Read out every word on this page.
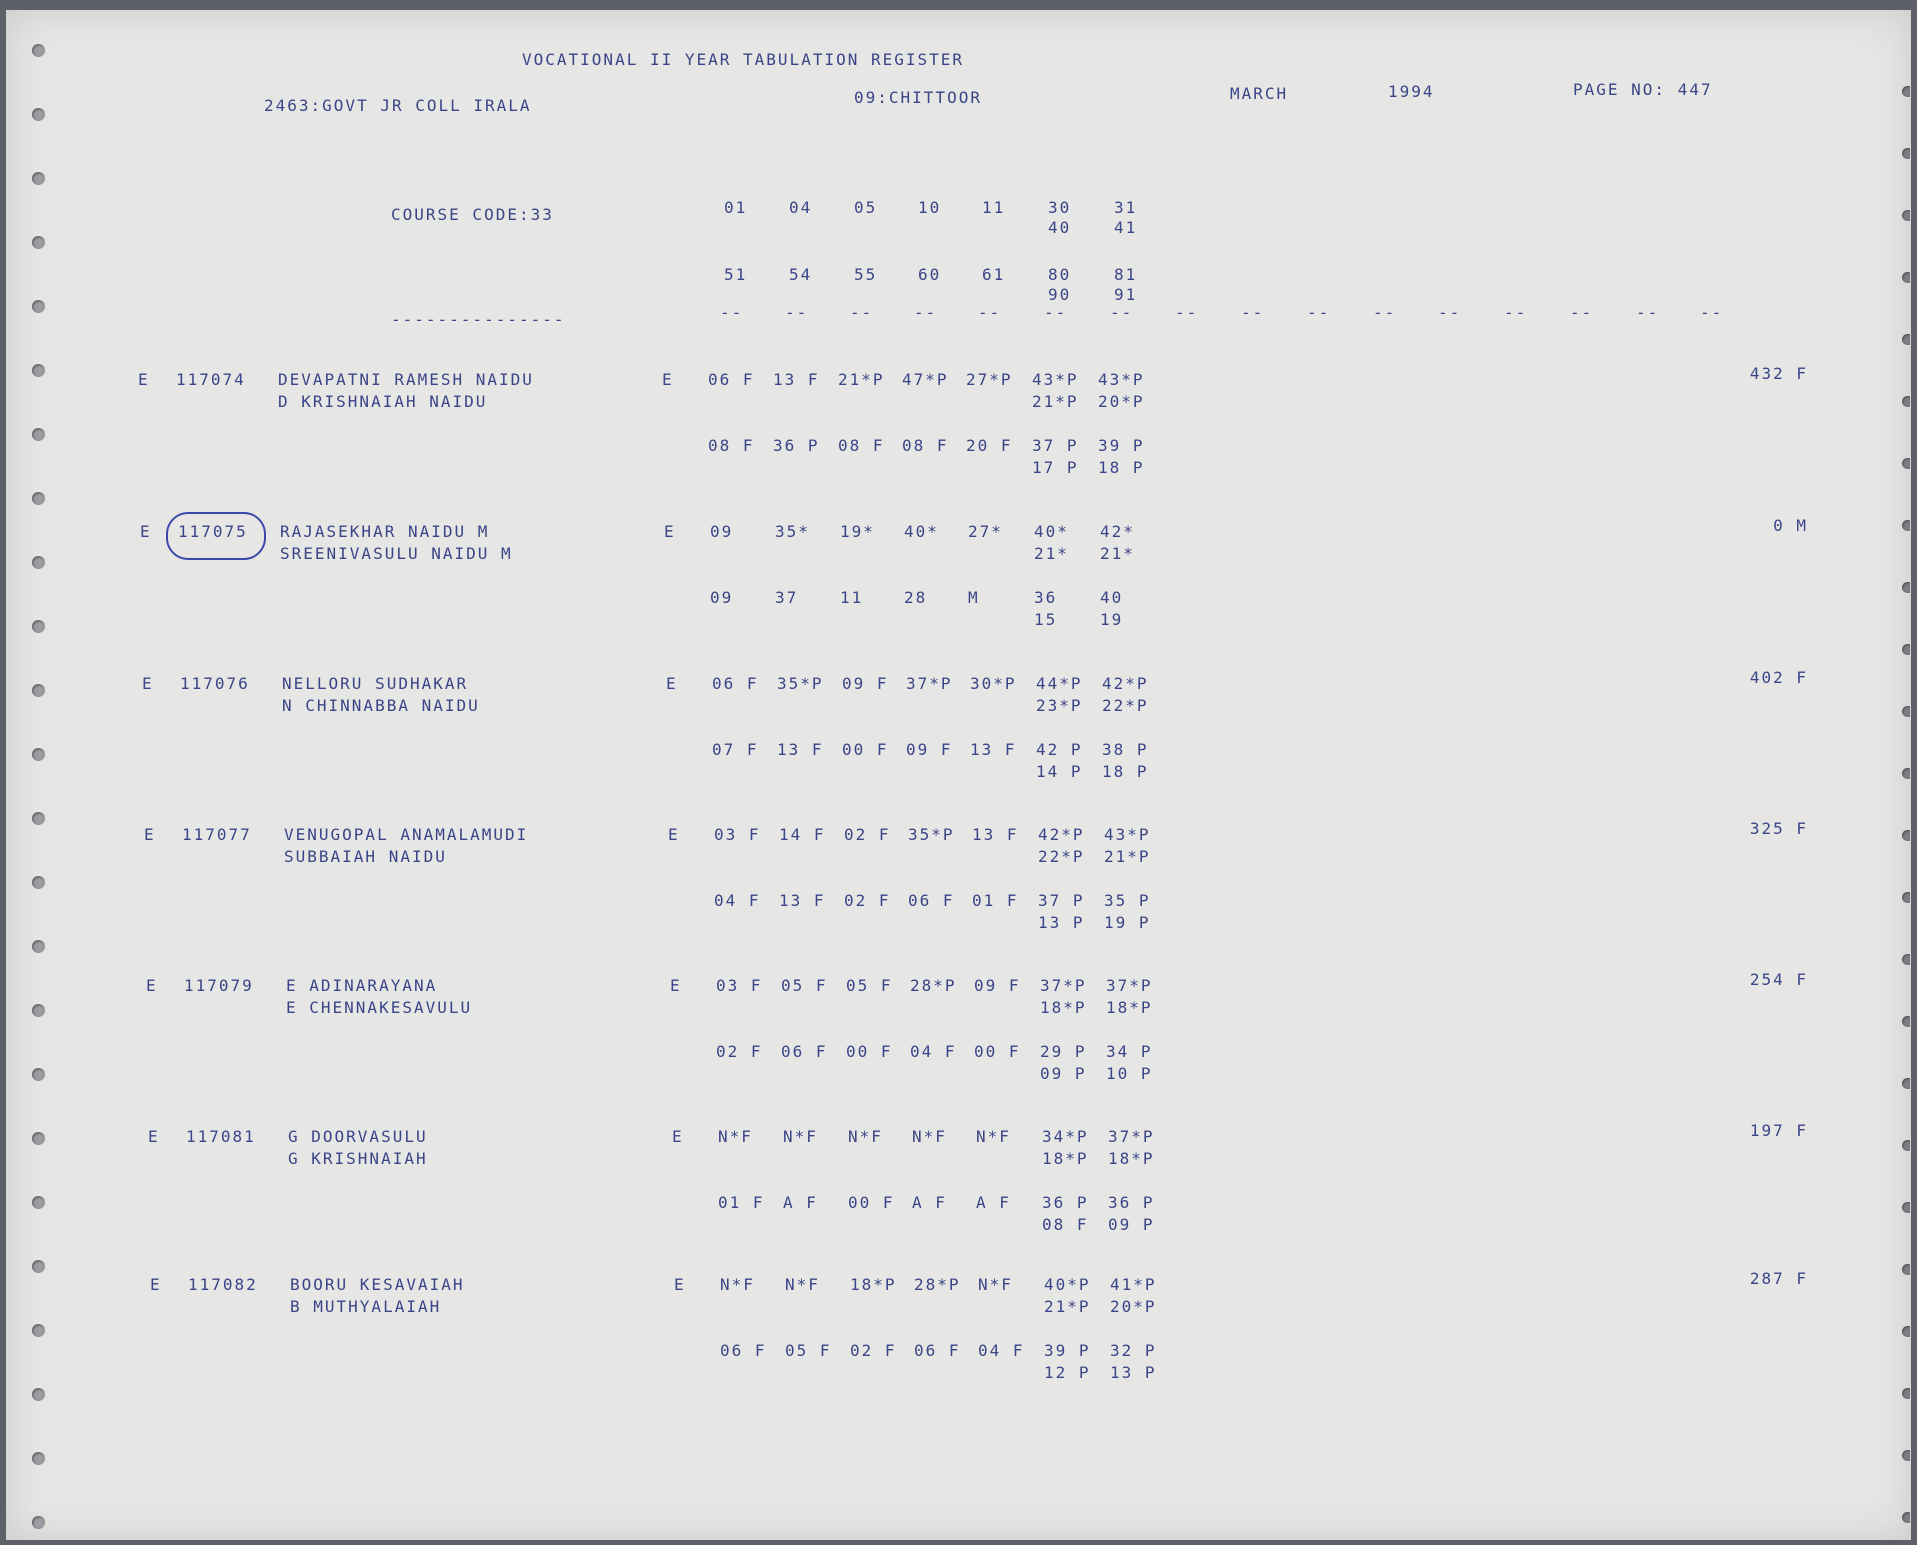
VOCATIONAL II YEAR TABULATION REGISTER
2463:GOVT JR COLL IRALA	09:CHITTOOR	MARCH	1994	PAGE NO: 447
COURSE CODE:33	01	04	05	10	11	30	31
40	41
51	54	55	60	61	80	81
90	91
---------------	--	--	--	--	--	--	--	--	--	--	--	--	--	--	--	--
E 117074 DEVAPATNI RAMESH NAIDU
D KRISHNAIAH NAIDU
E 06 F 13 F 21*P 47*P 27*P 43*P 43*P
21*P 20*P
08 F 36 P 08 F 08 F 20 F 37 P 39 P
17 P 18 P
432 F
E 117075 RAJASEKHAR NAIDU M
SREENIVASULU NAIDU M
E 09	35* 19* 40* 27* 40* 42*
21* 21*
09	37	11	28	M	36	40
15	19
0 M
E 117076 NELLORU SUDHAKAR
N CHINNABBA NAIDU
E 06 F 35*P 09 F 37*P 30*P 44*P 42*P
23*P 22*P
07 F 13 F 00 F 09 F 13 F 42 P 38 P
14 P 18 P
402 F
E 117077 VENUGOPAL ANAMALAMUDI
SUBBAIAH NAIDU
E 03 F 14 F 02 F 35*P 13 F 42*P 43*P
22*P 21*P
04 F 13 F 02 F 06 F 01 F 37 P 35 P
13 P 19 P
325 F
E 117079 E ADINARAYANA
E CHENNAKESAVULU
E 03 F 05 F 05 F 28*P 09 F 37*P 37*P
18*P 18*P
02 F 06 F 00 F 04 F 00 F 29 P 34 P
09 P 10 P
254 F
E 117081 G DOORVASULU
G KRISHNAIAH
E N*F N*F N*F N*F N*F 34*P 37*P
18*P 18*P
01 F A F 00 F A F A F 36 P 36 P
08 F 09 P
197 F
E 117082 BOORU KESAVAIAH
B MUTHYALAIAH
E N*F N*F 18*P 28*P N*F 40*P 41*P
21*P 20*P
06 F 05 F 02 F 06 F 04 F 39 P 32 P
12 P 13 P
287 F
